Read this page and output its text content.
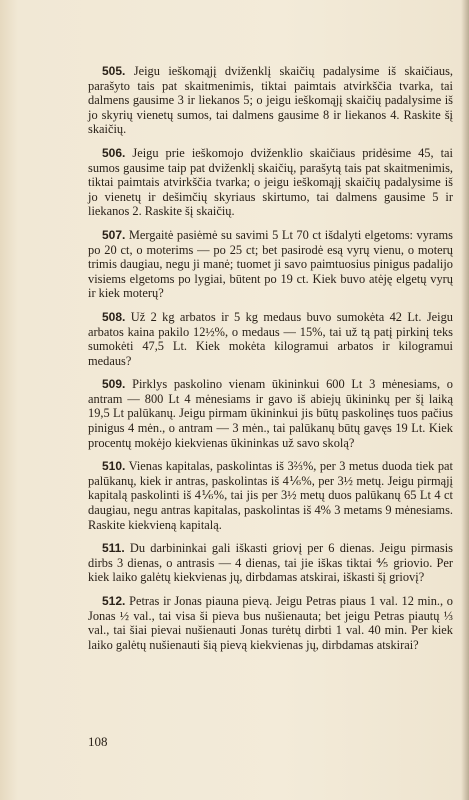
505. Jeigu ieškomąjį dviženklį skaičių padalysime iš skaičiaus, parašyto tais pat skaitmenimis, tiktai paimtais atvirkščia tvarka, tai dalmens gausime 3 ir liekanos 5; o jeigu ieškomąjį skaičių padalysime iš jo skyrių vienetų sumos, tai dalmens gausime 8 ir liekanos 4. Raskite šį skaičių.

506. Jeigu prie ieškomojo dviženklio skaičiaus pridėsime 45, tai sumos gausime taip pat dviženklį skaičių, parašytą tais pat skaitmenimis, tiktai paimtais atvirkščia tvarka; o jeigu ieškomąjį skaičių padalysime iš jo vienetų ir dešimčių skyriaus skirtumo, tai dalmens gausime 5 ir liekanos 2. Raskite šį skaičių.

507. Mergaitė pasiėmė su savimi 5 Lt 70 ct išdalyti elgetoms: vyrams po 20 ct, o moterims — po 25 ct; bet pasirodė esą vyrų vienu, o moterų trimis daugiau, negu ji manė; tuomet ji savo paimtuosius pinigus padalijo visiems elgetoms po lygiai, būtent po 19 ct. Kiek buvo atėję elgetų vyrų ir kiek moterų?

508. Už 2 kg arbatos ir 5 kg medaus buvo sumokėta 42 Lt. Jeigu arbatos kaina pakilo 12½%, o medaus — 15%, tai už tą patį pirkinį teks sumokėti 47,5 Lt. Kiek mokėta kilogramui arbatos ir kilogramui medaus?

509. Pirklys paskolino vienam ūkininkui 600 Lt 3 mėnesiams, o antram — 800 Lt 4 mėnesiams ir gavo iš abiejų ūkininkų per šį laiką 19,5 Lt palūkanų. Jeigu pirmam ūkininkui jis būtų paskolinęs tuos pačius pinigus 4 mėn., o antram — 3 mėn., tai palūkanų būtų gavęs 19 Lt. Kiek procentų mokėjo kiekvienas ūkininkas už savo skolą?

510. Vienas kapitalas, paskolintas iš 3⅔%, per 3 metus duoda tiek pat palūkanų, kiek ir antras, paskolintas iš 4⅙%, per 3½ metų. Jeigu pirmąjį kapitalą paskolinti iš 4⅙%, tai jis per 3½ metų duos palūkanų 65 Lt 4 ct daugiau, negu antras kapitalas, paskolintas iš 4% 3 metams 9 mėnesiams. Raskite kiekvieną kapitalą.

511. Du darbininkai gali iškasti griovį per 6 dienas. Jeigu pirmasis dirbs 3 dienas, o antrasis — 4 dienas, tai jie iškas tiktai ⅘ griovio. Per kiek laiko galėtų kiekvienas jų, dirbdamas atskirai, iškasti šį griovį?

512. Petras ir Jonas piauna pievą. Jeigu Petras piaus 1 val. 12 min., o Jonas ½ val., tai visa ši pieva bus nušienauta; bet jeigu Petras piautų ⅓ val., tai šiai pievai nušienauti Jonas turėtų dirbti 1 val. 40 min. Per kiek laiko galėtų nušienauti šią pievą kiekvienas jų, dirbdamas atskirai?

108
